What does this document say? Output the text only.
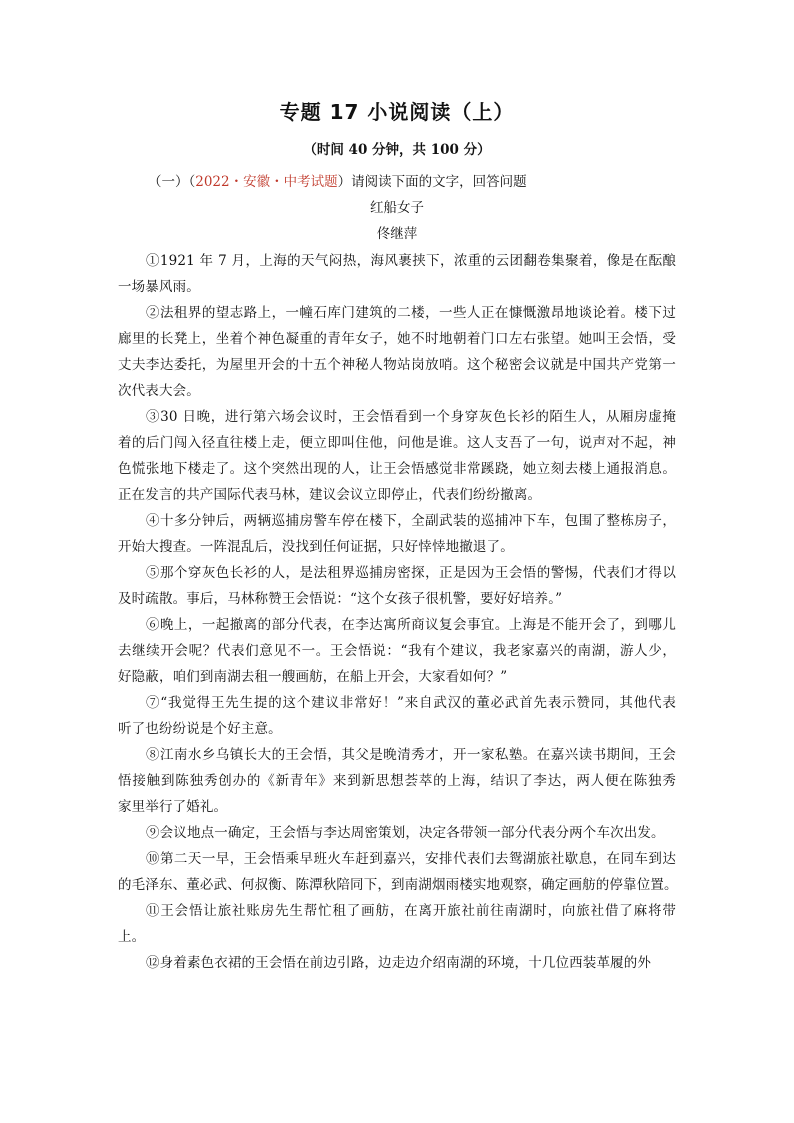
专题 17 小说阅读（上）
（时间 40 分钟，共 100 分）
（一）（2022・安徽・中考试题）请阅读下面的文字，回答问题
红船女子
佟继萍

①1921 年 7 月，上海的天气闷热，海风裹挟下，浓重的云团翻卷集聚着，像是在酝酿
一场暴风雨。

②法租界的望志路上，一幢石库门建筑的二楼，一些人正在慷慨激昂地谈论着。楼下过
廊里的长凳上，坐着个神色凝重的青年女子，她不时地朝着门口左右张望。她叫王会悟，受
丈夫李达委托，为屋里开会的十五个神秘人物站岗放哨。这个秘密会议就是中国共产党第一
次代表大会。

③30 日晚，进行第六场会议时，王会悟看到一个身穿灰色长衫的陌生人，从厢房虚掩
着的后门闯入径直往楼上走，便立即叫住他，问他是谁。这人支吾了一句，说声对不起，神
色慌张地下楼走了。这个突然出现的人，让王会悟感觉非常蹊跷，她立刻去楼上通报消息。
正在发言的共产国际代表马林，建议会议立即停止，代表们纷纷撤离。

④十多分钟后，两辆巡捕房警车停在楼下，全副武装的巡捕冲下车，包围了整栋房子，
开始大搜查。一阵混乱后，没找到任何证据，只好悻悻地撤退了。

⑤那个穿灰色长衫的人，是法租界巡捕房密探，正是因为王会悟的警惕，代表们才得以
及时疏散。事后，马林称赞王会悟说：“这个女孩子很机警，要好好培养。”

⑥晚上，一起撤离的部分代表，在李达寓所商议复会事宜。上海是不能开会了，到哪儿
去继续开会呢？代表们意见不一。王会悟说：“我有个建议，我老家嘉兴的南湖，游人少，
好隐蔽，咱们到南湖去租一艘画舫，在船上开会，大家看如何？”

⑦“我觉得王先生提的这个建议非常好！”来自武汉的董必武首先表示赞同，其他代表
听了也纷纷说是个好主意。

⑧江南水乡乌镇长大的王会悟，其父是晚清秀才，开一家私塾。在嘉兴读书期间，王会
悟接触到陈独秀创办的《新青年》来到新思想荟萃的上海，结识了李达，两人便在陈独秀
家里举行了婚礼。

⑨会议地点一确定，王会悟与李达周密策划，决定各带领一部分代表分两个车次出发。

⑩第二天一早，王会悟乘早班火车赶到嘉兴，安排代表们去鸳湖旅社歇息，在同车到达
的毛泽东、董必武、何叔衡、陈潭秋陪同下，到南湖烟雨楼实地观察，确定画舫的停靠位置。

⑪王会悟让旅社账房先生帮忙租了画舫，在离开旅社前往南湖时，向旅社借了麻将带
上。

⑫身着素色衣裙的王会悟在前边引路，边走边介绍南湖的环境，十几位西装革履的外
